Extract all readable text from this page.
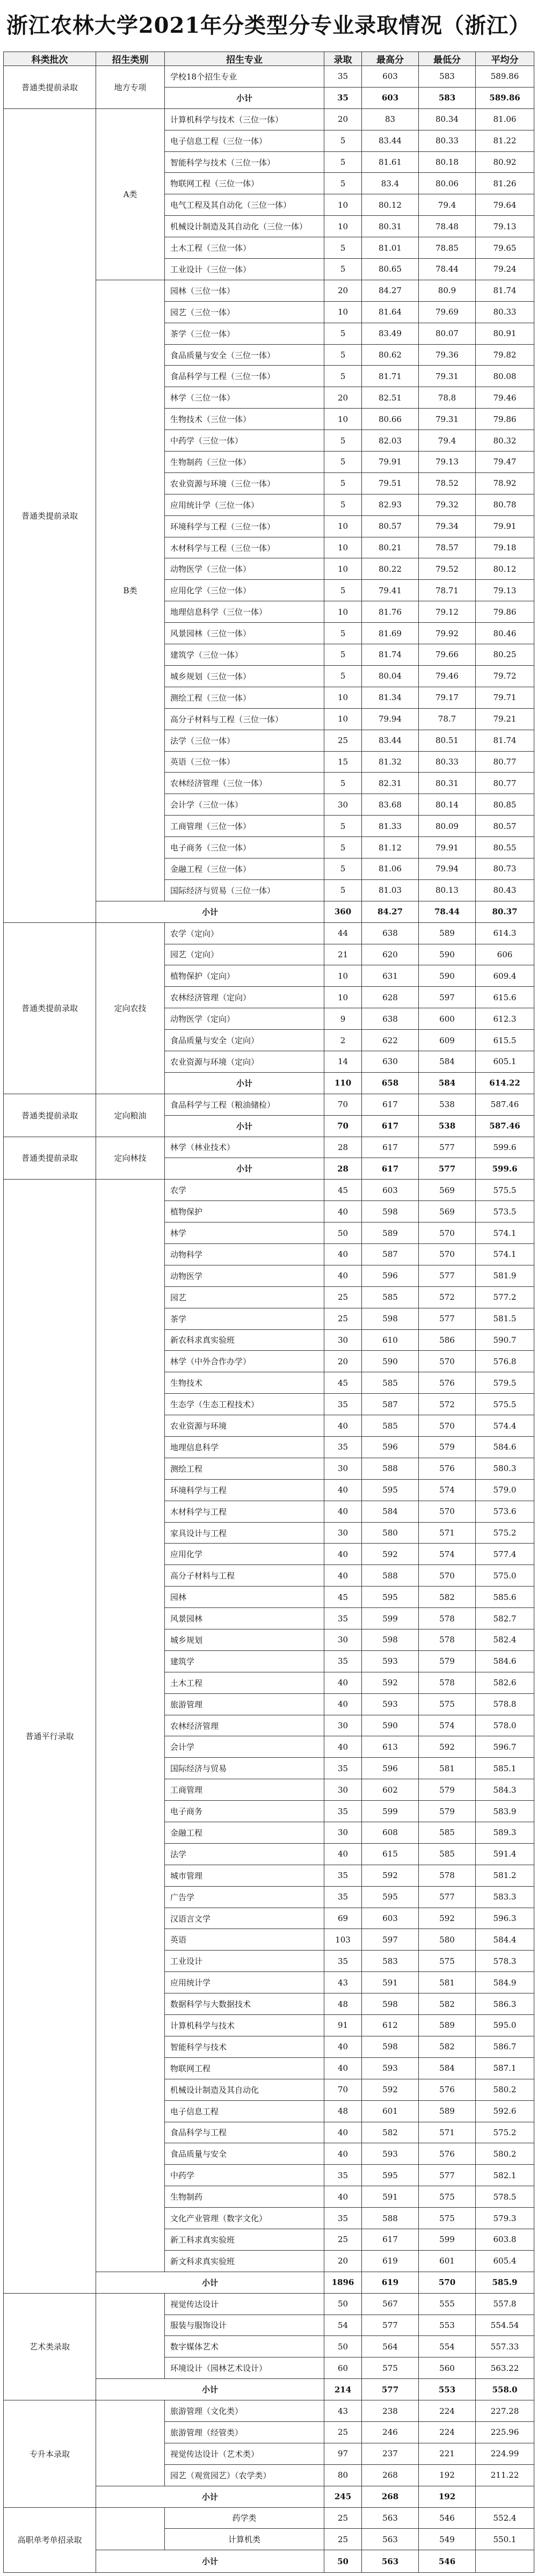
浙江农林大学2021年分类型分专业录取情况（浙江）
科类批次	招生类别	招生专业	录取	最高分	最低分	平均分
普通类提前录取	地方专项	学校18个招生专业	35	603	583	589.86
		小计	35	603	583	589.86
普通类提前录取	A类	计算机科学与技术（三位一体）	20	83	80.34	81.06
		电子信息工程（三位一体）	5	83.44	80.33	81.22
		智能科学与技术（三位一体）	5	81.61	80.18	80.92
		物联网工程（三位一体）	5	83.4	80.06	81.26
		电气工程及其自动化（三位一体）	10	80.12	79.4	79.64
		机械设计制造及其自动化（三位一体）	10	80.31	78.48	79.13
		土木工程（三位一体）	5	81.01	78.85	79.65
		工业设计（三位一体）	5	80.65	78.44	79.24
	B类	园林（三位一体）	20	84.27	80.9	81.74
		园艺（三位一体）	10	81.64	79.69	80.33
		茶学（三位一体）	5	83.49	80.07	80.91
		食品质量与安全（三位一体）	5	80.62	79.36	79.82
		食品科学与工程（三位一体）	5	81.71	79.31	80.08
		林学（三位一体）	20	82.51	78.8	79.46
		生物技术（三位一体）	10	80.66	79.31	79.86
		中药学（三位一体）	5	82.03	79.4	80.32
		生物制药（三位一体）	5	79.91	79.13	79.47
		农业资源与环境（三位一体）	5	79.51	78.52	78.92
		应用统计学（三位一体）	5	82.93	79.32	80.78
		环境科学与工程（三位一体）	10	80.57	79.34	79.91
		木材科学与工程（三位一体）	10	80.21	78.57	79.18
		动物医学（三位一体）	10	80.22	79.52	80.12
		应用化学（三位一体）	5	79.41	78.71	79.13
		地理信息科学（三位一体）	10	81.76	79.12	79.86
		风景园林（三位一体）	5	81.69	79.92	80.46
		建筑学（三位一体）	5	81.74	79.66	80.25
		城乡规划（三位一体）	5	80.04	79.46	79.72
		测绘工程（三位一体）	10	81.34	79.17	79.71
		高分子材料与工程（三位一体）	10	79.94	78.7	79.21
		法学（三位一体）	25	83.44	80.51	81.74
		英语（三位一体）	15	81.32	80.33	80.77
		农林经济管理（三位一体）	5	82.31	80.31	80.77
		会计学（三位一体）	30	83.68	80.14	80.85
		工商管理（三位一体）	5	81.33	80.09	80.57
		电子商务（三位一体）	5	81.12	79.91	80.55
		金融工程（三位一体）	5	81.06	79.94	80.73
		国际经济与贸易（三位一体）	5	81.03	80.13	80.43
	小计		360	84.27	78.44	80.37
普通类提前录取	定向农技	农学（定向）	44	638	589	614.3
		园艺（定向）	21	620	590	606
		植物保护（定向）	10	631	590	609.4
		农林经济管理（定向）	10	628	597	615.6
		动物医学（定向）	9	638	600	612.3
		食品质量与安全（定向）	2	622	609	615.5
		农业资源与环境（定向）	14	630	584	605.1
		小计	110	658	584	614.22
普通类提前录取	定向粮油	食品科学与工程（粮油储检）	70	617	538	587.46
		小计	70	617	538	587.46
普通类提前录取	定向林技	林学（林业技术）	28	617	577	599.6
		小计	28	617	577	599.6
普通平行录取		农学	45	603	569	575.5
		植物保护	40	598	569	573.5
		林学	50	589	570	574.1
		动物科学	40	587	570	574.1
		动物医学	40	596	577	581.9
		园艺	25	585	572	577.2
		茶学	25	598	577	581.5
		新农科求真实验班	30	610	586	590.7
		林学（中外合作办学）	20	590	570	576.8
		生物技术	45	585	576	579.5
		生态学（生态工程技术）	35	587	572	575.5
		农业资源与环境	40	585	570	574.4
		地理信息科学	35	596	579	584.6
		测绘工程	30	588	576	580.3
		环境科学与工程	40	595	574	579.0
		木材科学与工程	40	584	570	573.6
		家具设计与工程	30	580	571	575.2
		应用化学	40	592	574	577.4
		高分子材料与工程	40	588	570	575.0
		园林	45	595	582	585.6
		风景园林	35	599	578	582.7
		城乡规划	30	598	578	582.4
		建筑学	35	593	579	584.6
		土木工程	40	592	578	582.6
		旅游管理	40	593	575	578.8
		农林经济管理	30	590	574	578.0
		会计学	40	613	592	596.7
		国际经济与贸易	35	596	581	585.1
		工商管理	30	602	579	584.3
		电子商务	35	599	579	583.9
		金融工程	30	608	585	589.3
		法学	40	615	585	591.4
		城市管理	35	592	578	581.2
		广告学	35	595	577	583.3
		汉语言文学	69	603	592	596.3
		英语	103	597	580	584.4
		工业设计	35	583	575	578.3
		应用统计学	43	591	581	584.9
		数据科学与大数据技术	48	598	582	586.3
		计算机科学与技术	91	612	589	595.0
		智能科学与技术	40	598	582	586.7
		物联网工程	40	593	584	587.1
		机械设计制造及其自动化	70	592	576	580.2
		电子信息工程	48	601	589	592.6
		食品科学与工程	40	582	571	575.2
		食品质量与安全	40	593	576	580.2
		中药学	35	595	577	582.1
		生物制药	40	591	575	578.5
		文化产业管理（数字文化）	35	588	575	579.3
		新工科求真实验班	25	617	599	603.8
		新文科求真实验班	20	619	601	605.4
	小计		1896	619	570	585.9
艺术类录取		视觉传达设计	50	567	555	557.8
		服装与服饰设计	54	577	553	554.54
		数字媒体艺术	50	564	554	557.33
		环境设计（园林艺术设计）	60	575	560	563.22
	小计		214	577	553	558.0
专升本录取		旅游管理（文化类）	43	238	224	227.28
		旅游管理（经管类）	25	246	224	225.96
		视觉传达设计（艺术类）	97	237	221	224.99
		园艺（观赏园艺）（农学类）	80	268	192	211.22
	小计		245	268	192	
高职单考单招录取		药学类	25	563	546	552.4
		计算机类	25	563	549	550.1
	小计		50	563	546	
